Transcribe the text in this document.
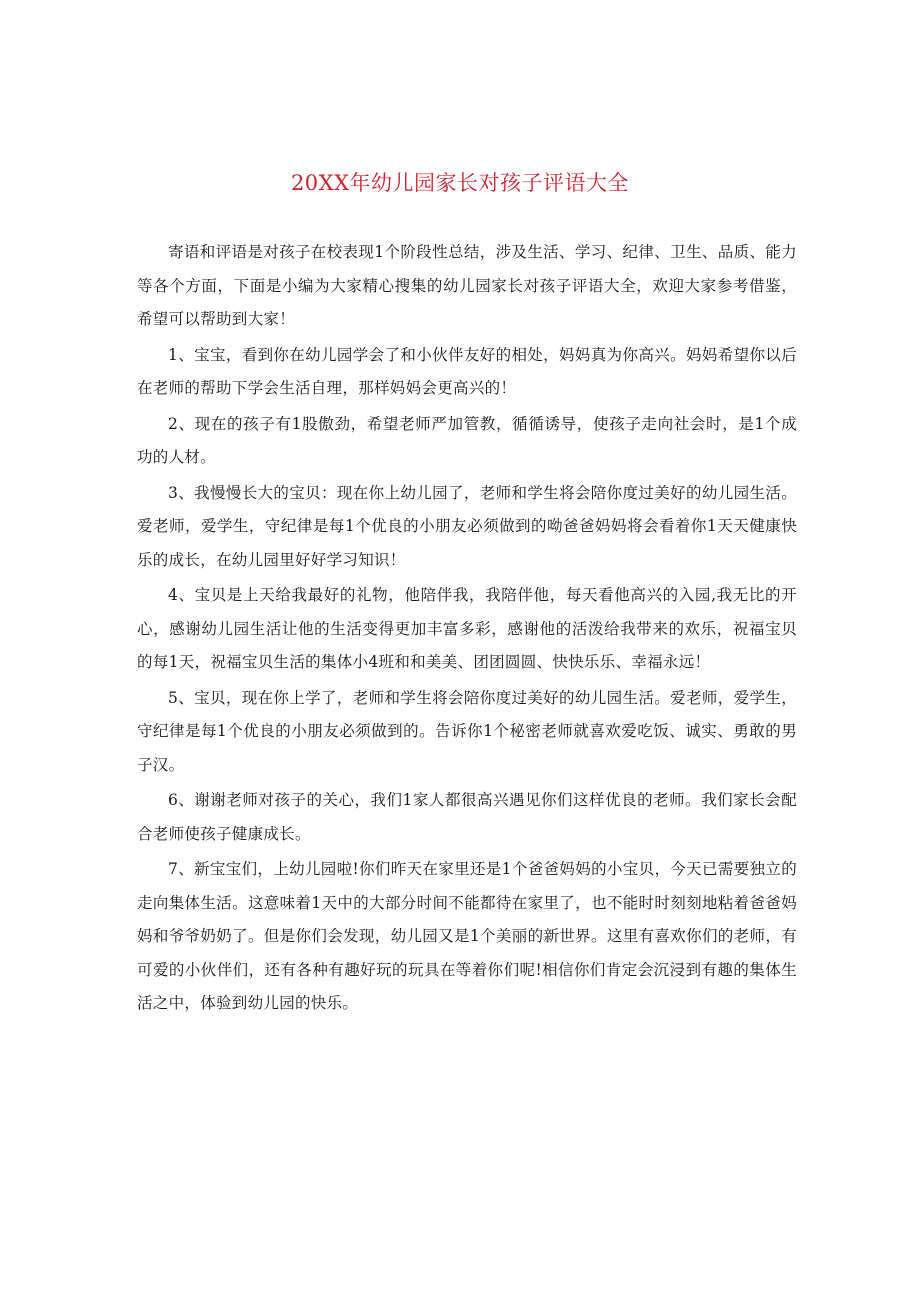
20XX年幼儿园家长对孩子评语大全

寄语和评语是对孩子在校表现1个阶段性总结，涉及生活、学习、纪律、卫生、品质、能力等各个方面，下面是小编为大家精心搜集的幼儿园家长对孩子评语大全，欢迎大家参考借鉴，希望可以帮助到大家！

1、宝宝，看到你在幼儿园学会了和小伙伴友好的相处，妈妈真为你高兴。妈妈希望你以后在老师的帮助下学会生活自理，那样妈妈会更高兴的！

2、现在的孩子有1股傲劲，希望老师严加管教，循循诱导，使孩子走向社会时，是1个成功的人材。

3、我慢慢长大的宝贝：现在你上幼儿园了，老师和学生将会陪你度过美好的幼儿园生活。爱老师，爱学生，守纪律是每1个优良的小朋友必须做到的呦爸爸妈妈将会看着你1天天健康快乐的成长，在幼儿园里好好学习知识！

4、宝贝是上天给我最好的礼物，他陪伴我，我陪伴他，每天看他高兴的入园,我无比的开心，感谢幼儿园生活让他的生活变得更加丰富多彩，感谢他的活泼给我带来的欢乐，祝福宝贝的每1天，祝福宝贝生活的集体小4班和和美美、团团圆圆、快快乐乐、幸福永远！

5、宝贝，现在你上学了，老师和学生将会陪你度过美好的幼儿园生活。爱老师，爱学生，守纪律是每1个优良的小朋友必须做到的。告诉你1个秘密老师就喜欢爱吃饭、诚实、勇敢的男子汉。

6、谢谢老师对孩子的关心，我们1家人都很高兴遇见你们这样优良的老师。我们家长会配合老师使孩子健康成长。

7、新宝宝们，上幼儿园啦!你们昨天在家里还是1个爸爸妈妈的小宝贝，今天已需要独立的走向集体生活。这意味着1天中的大部分时间不能都待在家里了，也不能时时刻刻地粘着爸爸妈妈和爷爷奶奶了。但是你们会发现，幼儿园又是1个美丽的新世界。这里有喜欢你们的老师，有可爱的小伙伴们，还有各种有趣好玩的玩具在等着你们呢!相信你们肯定会沉浸到有趣的集体生活之中，体验到幼儿园的快乐。
